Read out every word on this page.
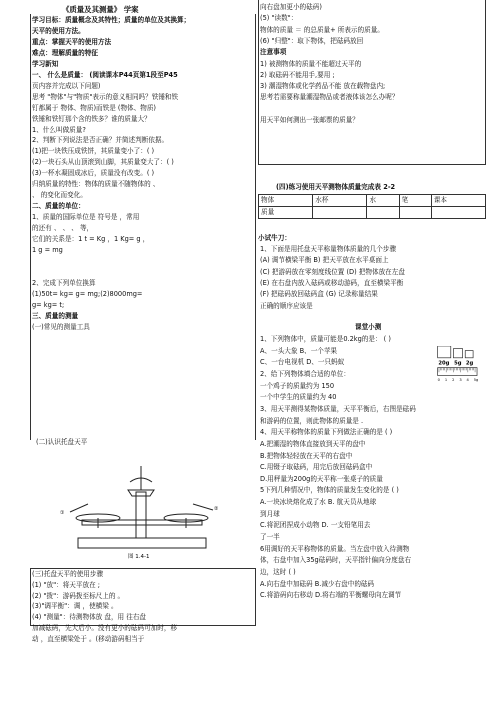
《质量及其测量》 学案
学习目标：质量概念及其特性；质量的单位及其换算；
天平的使用方法。
重点：掌握天平的使用方法
难点：理解质量的特征
学习新知
一、 什么是质量： (阅读课本P44页第1段至P45
页内容并完成以下问题)
思考 "物体"与"物质"表示的意义相同吗？铁锤和铁
钉都属于 物体、物质)而铁是 (物体、物质)
铁锤和铁钉那个含的铁多？谁的质量大？
1、什么叫做质量?
2、判断下列说法是否正确？并简述判断依据。
(1)把一块铁压成铁饼，其质量变小了：( )
(2)一块石头从山顶滚到山脚，其质量变大了：( )
(3)一杯水凝固成冰后，质量没有改变。( )
归纳质量的特性：物体的质量不随物体的 、
、 的变化而变化。
二、质量的单位：
1、质量的国际单位是 符号是 ，常用
的还有 、 、 、 等，
它们的关系是：1 t = Kg ，1 Kg= g ，
1 g = mg
2、完成下列单位换算
(1)50t= kg= g= mg;(2)8000mg=
g= kg= t;
三、质量的测量
(一)常见的测量工具
(二)认识托盘天平
①
②
图 1.4-1
(三)托盘天平的使用步骤
(1) "放"：将天平放在 ;
(2) "拨"：游码拨至标尺上的 。
(3)"调平衡"：调 ，使横梁 。
(4) "测量"：待测物体放 盘，用 往右盘
加减砝码，先大后小。没有更小的砝码可加时，移
动 ，直至横梁处于 。(移动游码相当于
向右盘加更小的砝码)
(5) "读数"：
物体的质量 ＝ 的总质量+ 所表示的质量。
(6) "归整"：取下物体，把砝码放回
注意事项
1) 被测物体的质量不能超过天平的
2) 取砝码不能用手,要用 ;
3) 潮湿物体或化学药品不能 放在载物盘内;
思考若需要称量潮湿物品或者液体该怎么办呢？
用天平如何测出一张邮票的质量？
(四)练习使用天平测物体质量完成表 2-2
物体	水杯	水	笔	课本
质量				
小试牛刀：
1、下面是用托盘天平称量物体质量的几个步骤
(A) 调节横梁平衡 B) 把天平放在水平桌面上
(C) 把游码放在零刻度线位置 (D) 把物体放在左盘
(E) 在右盘内放入砝码或移动游码，直至横梁平衡
(F) 把砝码放回砝码盒 (G) 记录称量结果
正确的顺序应该是
课堂小测
1、下列物体中，质量可能是0.2kg的是： ( )
A、一头大象 B、一个苹果
C、一台电视机 D、一只蚂蚁
2、给下列物体填合适的单位：
一个鸡子的质量约为 150
一个中学生的质量约为 40
3、用天平测得某物体质量，天平平衡后，右图是砝码
和游码的位置，则此物体的质量是 .
4、用天平称物体的质量下列做法正确的是 ( )
A.把潮湿的物体直接放到天平的盘中
B.把物体轻轻放在天平的右盘中
C.用镊子取砝码，用完后放回砝码盒中
D.用秤量为200g的天平称一张桌子的质量
5下列几种情况中，物体的质量发生变化的是 ( )
A.一块冰块熔化成了水 B. 航天员从地球
到月球
C.将泥团捏成小动物 D. 一支铅笔用去
了一半
6用调好的天平称物体的质量。当左盘中放入待测物
体，右盘中加入35g砝码时，天平指针偏向分度盘右
边，这时 ( )
A.向右盘中加砝码 B.减少右盘中的砝码
C.将游码向右移动 D.将右端的平衡螺母向左调节
20g 5g 2g
0 1 2 3 4 5g
